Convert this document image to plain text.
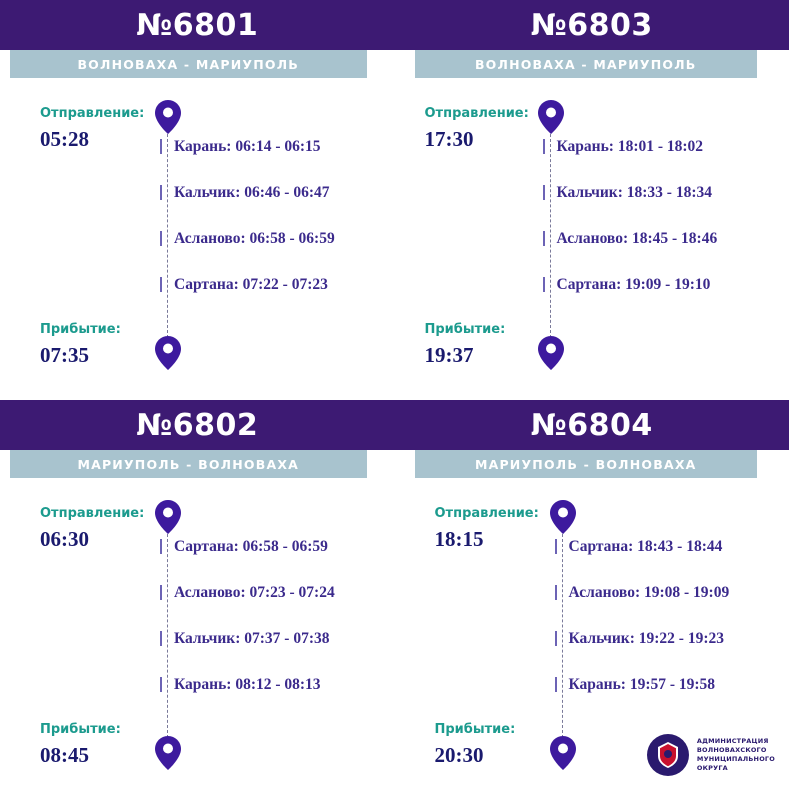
№6801
ВОЛНОВАХА - МАРИУПОЛЬ
Отправление:
05:28	Карань: 06:14 - 06:15
Кальчик: 06:46 - 06:47
Асланово: 06:58 - 06:59
Сартана: 07:22 - 07:23
Прибытие:
07:35
№6803
ВОЛНОВАХА - МАРИУПОЛЬ
Отправление:
17:30	Карань: 18:01 - 18:02
Кальчик: 18:33 - 18:34
Асланово: 18:45 - 18:46
Сартана: 19:09 - 19:10
Прибытие:
19:37
№6802
МАРИУПОЛЬ - ВОЛНОВАХА
Отправление:
06:30	Сартана: 06:58 - 06:59
Асланово: 07:23 - 07:24
Кальчик: 07:37 - 07:38
Карань: 08:12 - 08:13
Прибытие:
08:45
№6804
МАРИУПОЛЬ - ВОЛНОВАХА
Отправление:
18:15	Сартана: 18:43 - 18:44
Асланово: 19:08 - 19:09
Кальчик: 19:22 - 19:23
Карань: 19:57 - 19:58
Прибытие:
20:30
АДМИНИСТРАЦИЯ
ВОЛНОВАХСКОГО
МУНИЦИПАЛЬНОГО
ОКРУГА
